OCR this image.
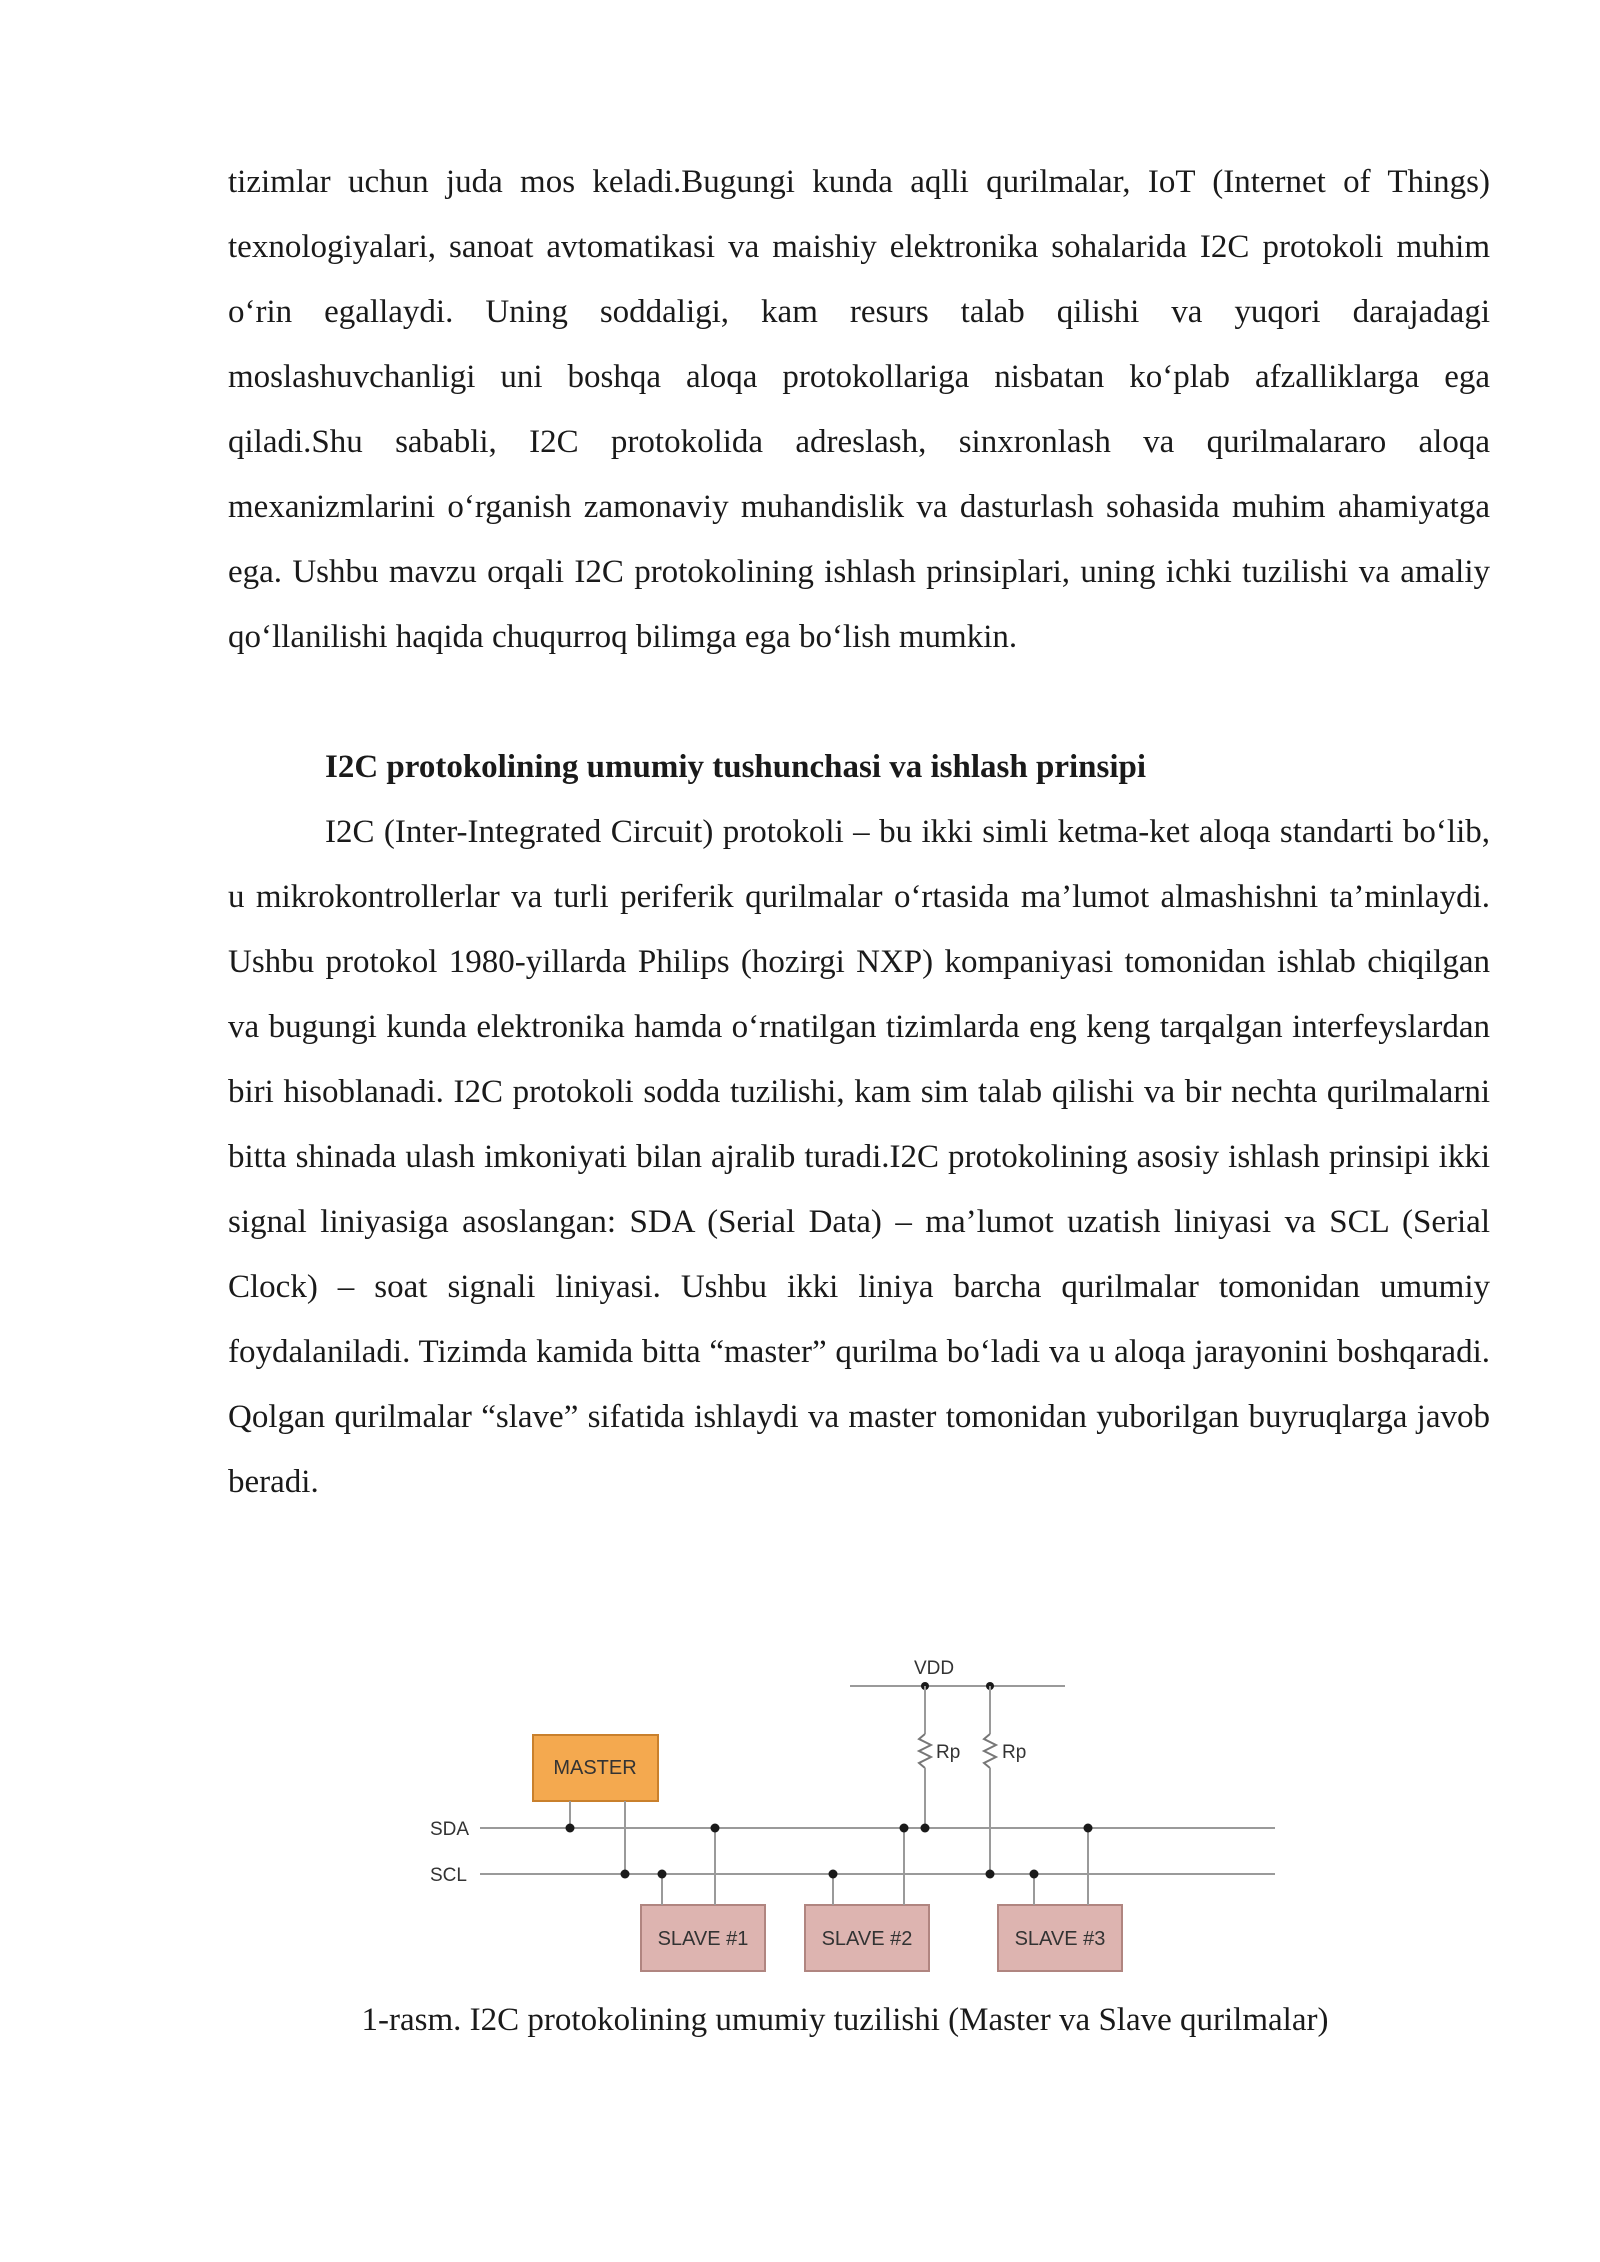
tizimlar uchun juda mos keladi.Bugungi kunda aqlli qurilmalar, IoT (Internet of Things) texnologiyalari, sanoat avtomatikasi va maishiy elektronika sohalarida I2C protokoli muhim o‘rin egallaydi. Uning soddaligi, kam resurs talab qilishi va yuqori darajadagi moslashuvchanligi uni boshqa aloqa protokollariga nisbatan ko‘plab afzalliklarga ega qiladi.Shu sababli, I2C protokolida adreslash, sinxronlash va qurilmalararo aloqa mexanizmlarini o‘rganish zamonaviy muhandislik va dasturlash sohasida muhim ahamiyatga ega. Ushbu mavzu orqali I2C protokolining ishlash prinsiplari, uning ichki tuzilishi va amaliy qo‘llanilishi haqida chuqurroq bilimga ega bo‘lish mumkin.

I2C protokolining umumiy tushunchasi va ishlash prinsipi

I2C (Inter-Integrated Circuit) protokoli – bu ikki simli ketma-ket aloqa standarti bo‘lib, u mikrokontrollerlar va turli periferik qurilmalar o‘rtasida ma’lumot almashishni ta’minlaydi. Ushbu protokol 1980-yillarda Philips (hozirgi NXP) kompaniyasi tomonidan ishlab chiqilgan va bugungi kunda elektronika hamda o‘rnatilgan tizimlarda eng keng tarqalgan interfeyslardan biri hisoblanadi. I2C protokoli sodda tuzilishi, kam sim talab qilishi va bir nechta qurilmalarni bitta shinada ulash imkoniyati bilan ajralib turadi.I2C protokolining asosiy ishlash prinsipi ikki signal liniyasiga asoslangan: SDA (Serial Data) – ma’lumot uzatish liniyasi va SCL (Serial Clock) – soat signali liniyasi. Ushbu ikki liniya barcha qurilmalar tomonidan umumiy foydalaniladi. Tizimda kamida bitta “master” qurilma bo‘ladi va u aloqa jarayonini boshqaradi. Qolgan qurilmalar “slave” sifatida ishlaydi va master tomonidan yuborilgan buyruqlarga javob beradi.

VDD
Rp Rp
SDA
SCL
MASTER
SLAVE #1	SLAVE #2	SLAVE #3
1-rasm. I2C protokolining umumiy tuzilishi (Master va Slave qurilmalar)
